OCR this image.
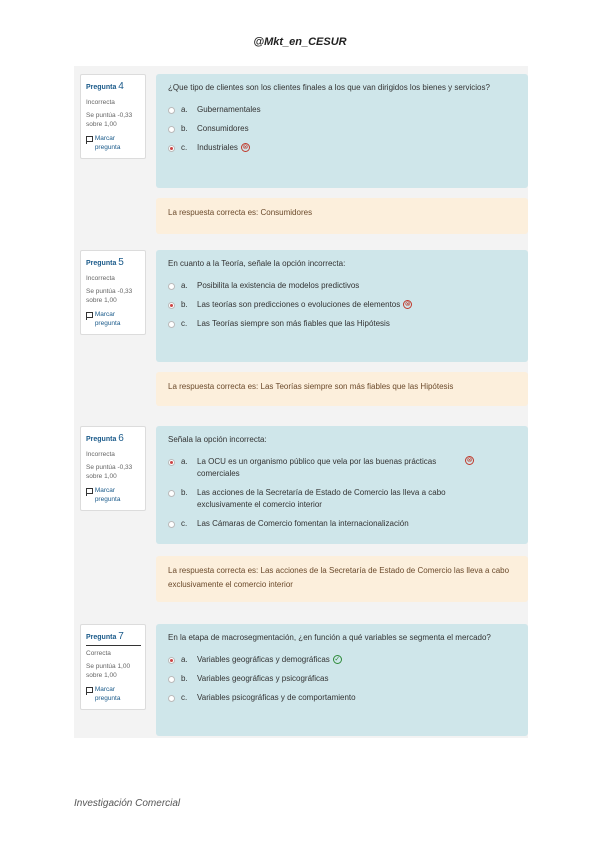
@Mkt_en_CESUR
Pregunta 4
Incorrecta
Se puntúa -0,33 sobre 1,00
Marcar pregunta
¿Que tipo de clientes son los clientes finales a los que van dirigidos los bienes y servicios?
a.	Gubernamentales
b.	Consumidores
c.	Industriales ⊗
La respuesta correcta es: Consumidores
Pregunta 5
Incorrecta
Se puntúa -0,33 sobre 1,00
Marcar pregunta
En cuanto a la Teoría, señale la opción incorrecta:
a.	Posibilita la existencia de modelos predictivos
b.	Las teorías son predicciones o evoluciones de elementos ⊗
c.	Las Teorías siempre son más fiables que las Hipótesis
La respuesta correcta es: Las Teorías siempre son más fiables que las Hipótesis
Pregunta 6
Incorrecta
Se puntúa -0,33 sobre 1,00
Marcar pregunta
Señala la opción incorrecta:
a.	La OCU es un organismo público que vela por las buenas prácticas comerciales
⊗
b.	Las acciones de la Secretaría de Estado de Comercio las lleva a cabo exclusivamente el comercio interior
c.	Las Cámaras de Comercio fomentan la internacionalización
La respuesta correcta es: Las acciones de la Secretaría de Estado de Comercio las lleva a cabo exclusivamente el comercio interior
Pregunta 7
Correcta
Se puntúa 1,00 sobre 1,00
Marcar pregunta
En la etapa de macrosegmentación, ¿en función a qué variables se segmenta el mercado?
a.	Variables geográficas y demográficas ✓
b.	Variables geográficas y psicográficas
c.	Variables psicográficas y de comportamiento
Investigación Comercial
